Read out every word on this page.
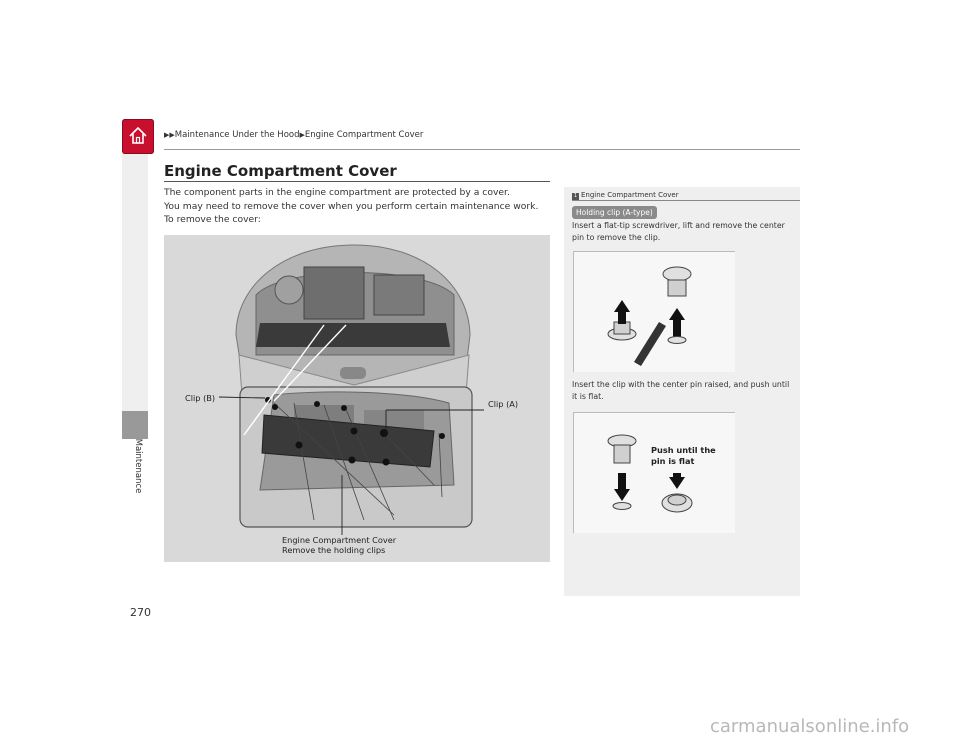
▶▶Maintenance Under the Hood▶Engine Compartment Cover
Maintenance
270
Engine Compartment Cover

The component parts in the engine compartment are protected by a cover.

You may need to remove the cover when you perform certain maintenance work.

To remove the cover:

Clip (B)
Clip (A)
Engine Compartment Cover
Remove the holding clips
1 Engine Compartment Cover
Holding clip (A-type)

Insert a flat-tip screwdriver, lift and remove the center pin to remove the clip.

Insert the clip with the center pin raised, and push until it is flat.

Push until the
pin is flat
carmanualsonline.info
